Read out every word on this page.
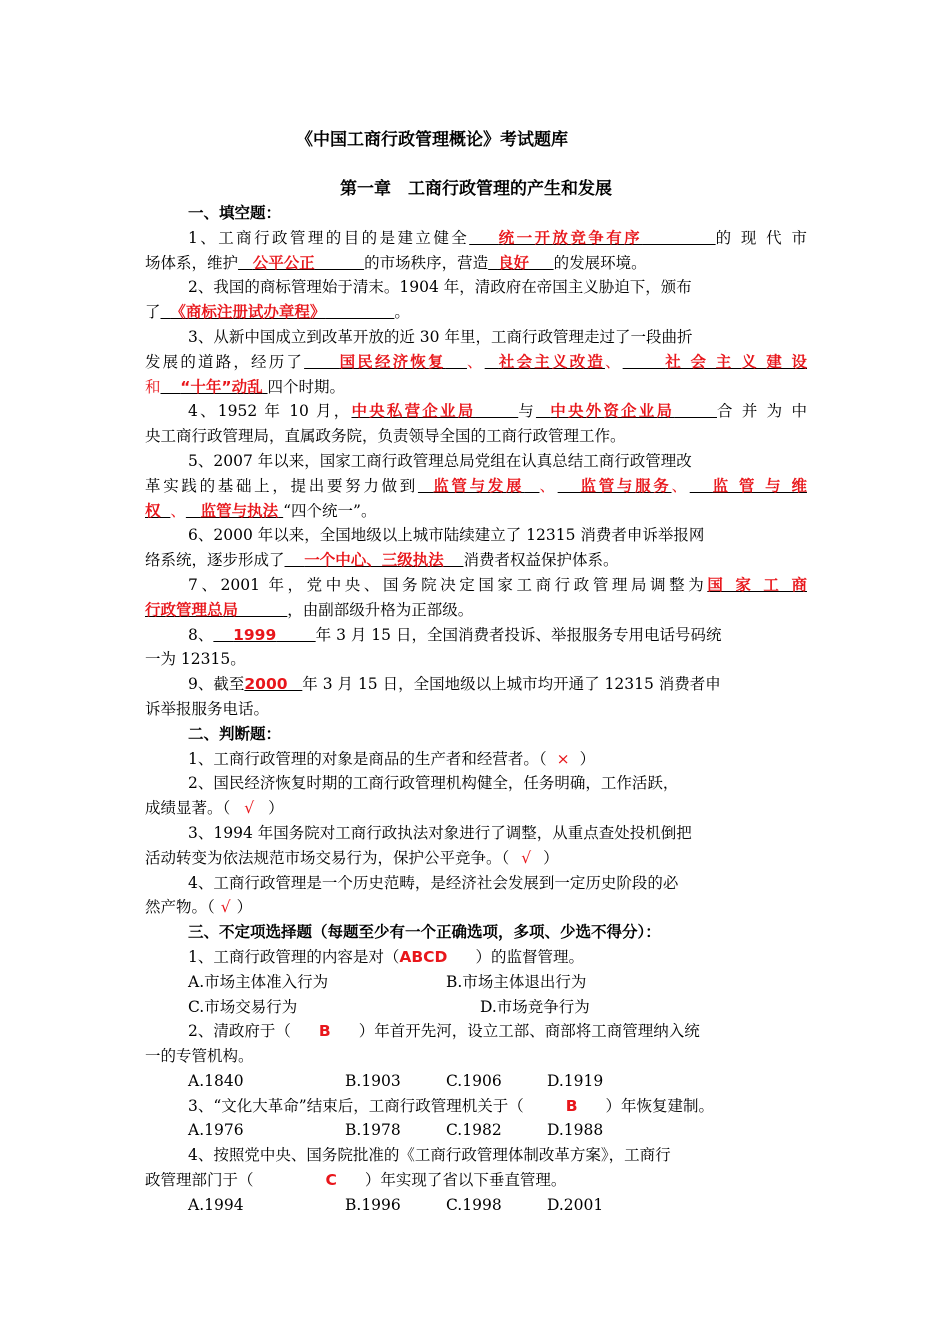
《中国工商行政管理概论》考试题库
第一章　工商行政管理的产生和发展
一、填空题：
1、工商行政管理的目的是建立健全 统一开放竞争有序	的 现 代 市
场体系，维护 公平公正	的市场秩序，营造 良好 的发展环境。
2、我国的商标管理始于清末。1904 年，清政府在帝国主义胁迫下，颁布
了 《商标注册试办章程》	。
3、从新中国成立到改革开放的近 30 年里，工商行政管理走过了一段曲折
发展的道路，经历了 国民经济恢复 、 社会主义改造、	社 会 主 义 建 设
和 “十年”动乱 四个时期。
4、1952 年 10 月，中央私营企业局	与 中央外资企业局	合 并 为 中
央工商行政管理局，直属政务院，负责领导全国的工商行政管理工作。
5、2007 年以来，国家工商行政管理总局党组在认真总结工商行政管理改
革实践的基础上，提出要努力做到 监管与发展 、 监管与服务、 监 管 与 维
权 、 监管与执法 “四个统一”。
6、2000 年以来，全国地级以上城市陆续建立了 12315 消费者申诉举报网
络系统，逐步形成了 一个中心、三级执法 消费者权益保护体系。
7、2001 年，党中央、国务院决定国家工商行政管理局调整为国 家 工 商
行政管理总局	，由副部级升格为正部级。
8、 1999	年 3 月 15 日，全国消费者投诉、举报服务专用电话号码统
一为 12315。
9、截至2000 年 3 月 15 日，全国地级以上城市均开通了 12315 消费者申
诉举报服务电话。
二、判断题：
1、工商行政管理的对象是商品的生产者和经营者。（ × ）
2、国民经济恢复时期的工商行政管理机构健全，任务明确，工作活跃，
成绩显著。（ √ ）
3、1994 年国务院对工商行政执法对象进行了调整，从重点查处投机倒把
活动转变为依法规范市场交易行为，保护公平竞争。（ √ ）
4、工商行政管理是一个历史范畴，是经济社会发展到一定历史阶段的必
然产物。（ √ ）
三、不定项选择题（每题至少有一个正确选项，多项、少选不得分）：
1、工商行政管理的内容是对（ABCD ）的监督管理。
A.市场主体准入行为	B.市场主体退出行为
C.市场交易行为	D.市场竞争行为
2、清政府于（ B ）年首开先河，设立工部、商部将工商管理纳入统
一的专管机构。
A.1840	B.1903	C.1906	D.1919
3、“文化大革命”结束后，工商行政管理机关于（	B ）年恢复建制。
A.1976	B.1978	C.1982	D.1988
4、按照党中央、国务院批准的《工商行政管理体制改革方案》，工商行
政管理部门于（	C ）年实现了省以下垂直管理。
A.1994	B.1996	C.1998	D.2001
